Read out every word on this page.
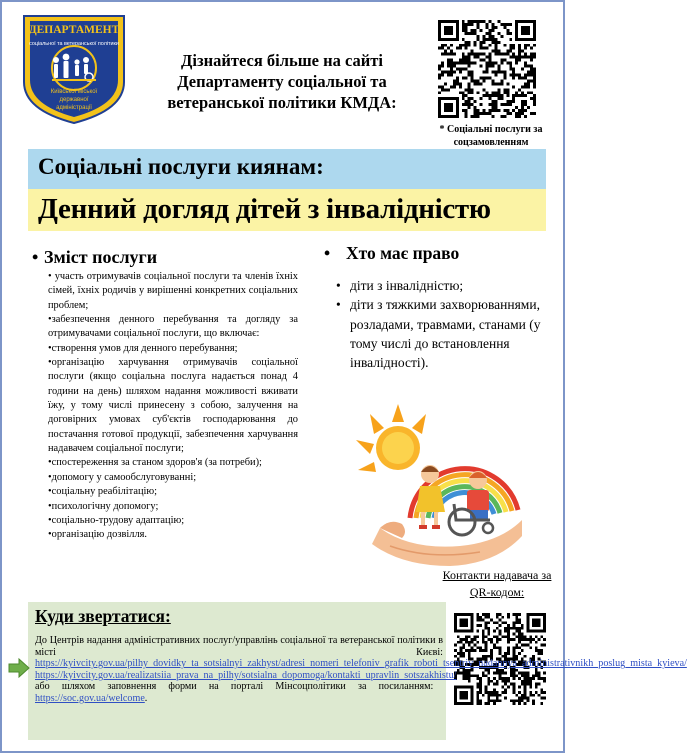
ДЕПАРТАМЕНТ
соціальної та ветеранської політики
Київської міської
державної
адміністрації
Дізнайтеся більше на сайті Департаменту соціальної та ветеранської політики КМДА:
* Соціальні послуги за соцзамовленням
Соціальні послуги киянам:
Денний догляд дітей з інвалідністю
• Зміст послуги
• участь отримувачів соціальної послуги та членів їхніх сімей, їхніх родичів у вирішенні конкретних соціальних проблем;
•забезпечення денного перебування та догляду за отримувачами соціальної послуги, що включає:
•створення умов для денного перебування;
•організацію харчування отримувачів соціальної послуги (якщо соціальна послуга надається понад 4 години на день) шляхом надання можливості вживати їжу, у тому числі принесену з собою, залучення на договірних умовах суб'єктів господарювання до постачання готової продукції, забезпечення харчування надавачем соціальної послуги;
•спостереження за станом здоров'я (за потреби);
•допомогу у самообслуговуванні;
•соціальну реабілітацію;
•психологічну допомогу;
•соціально-трудову адаптацію;
•організацію дозвілля.
• Хто має право
• діти з інвалідністю;
• діти з тяжкими захворюваннями, розладами, травмами, станами (у тому числі до встановлення інвалідності).
Контакти надавача за QR-кодом:
Куди звертатися:
До Центрів надання адміністративних послуг/управлінь соціальної та ветеранської політики в місті Києві: https://kyivcity.gov.ua/pilhy_dovidky_ta_sotsialnyi_zakhyst/adresi_nomeri_telefoniv_grafik_roboti_tsentriv_nadannya_administrativnikh_poslug_mista_kyieva/ https://kyivcity.gov.ua/realizatsiia_prava_na_pilhy/sotsialna_dopomoga/kontakti_upravlin_sotszakhistu/ або шляхом заповнення форми на порталі Мінсоцполітики за посиланням: https://soc.gov.ua/welcome.
